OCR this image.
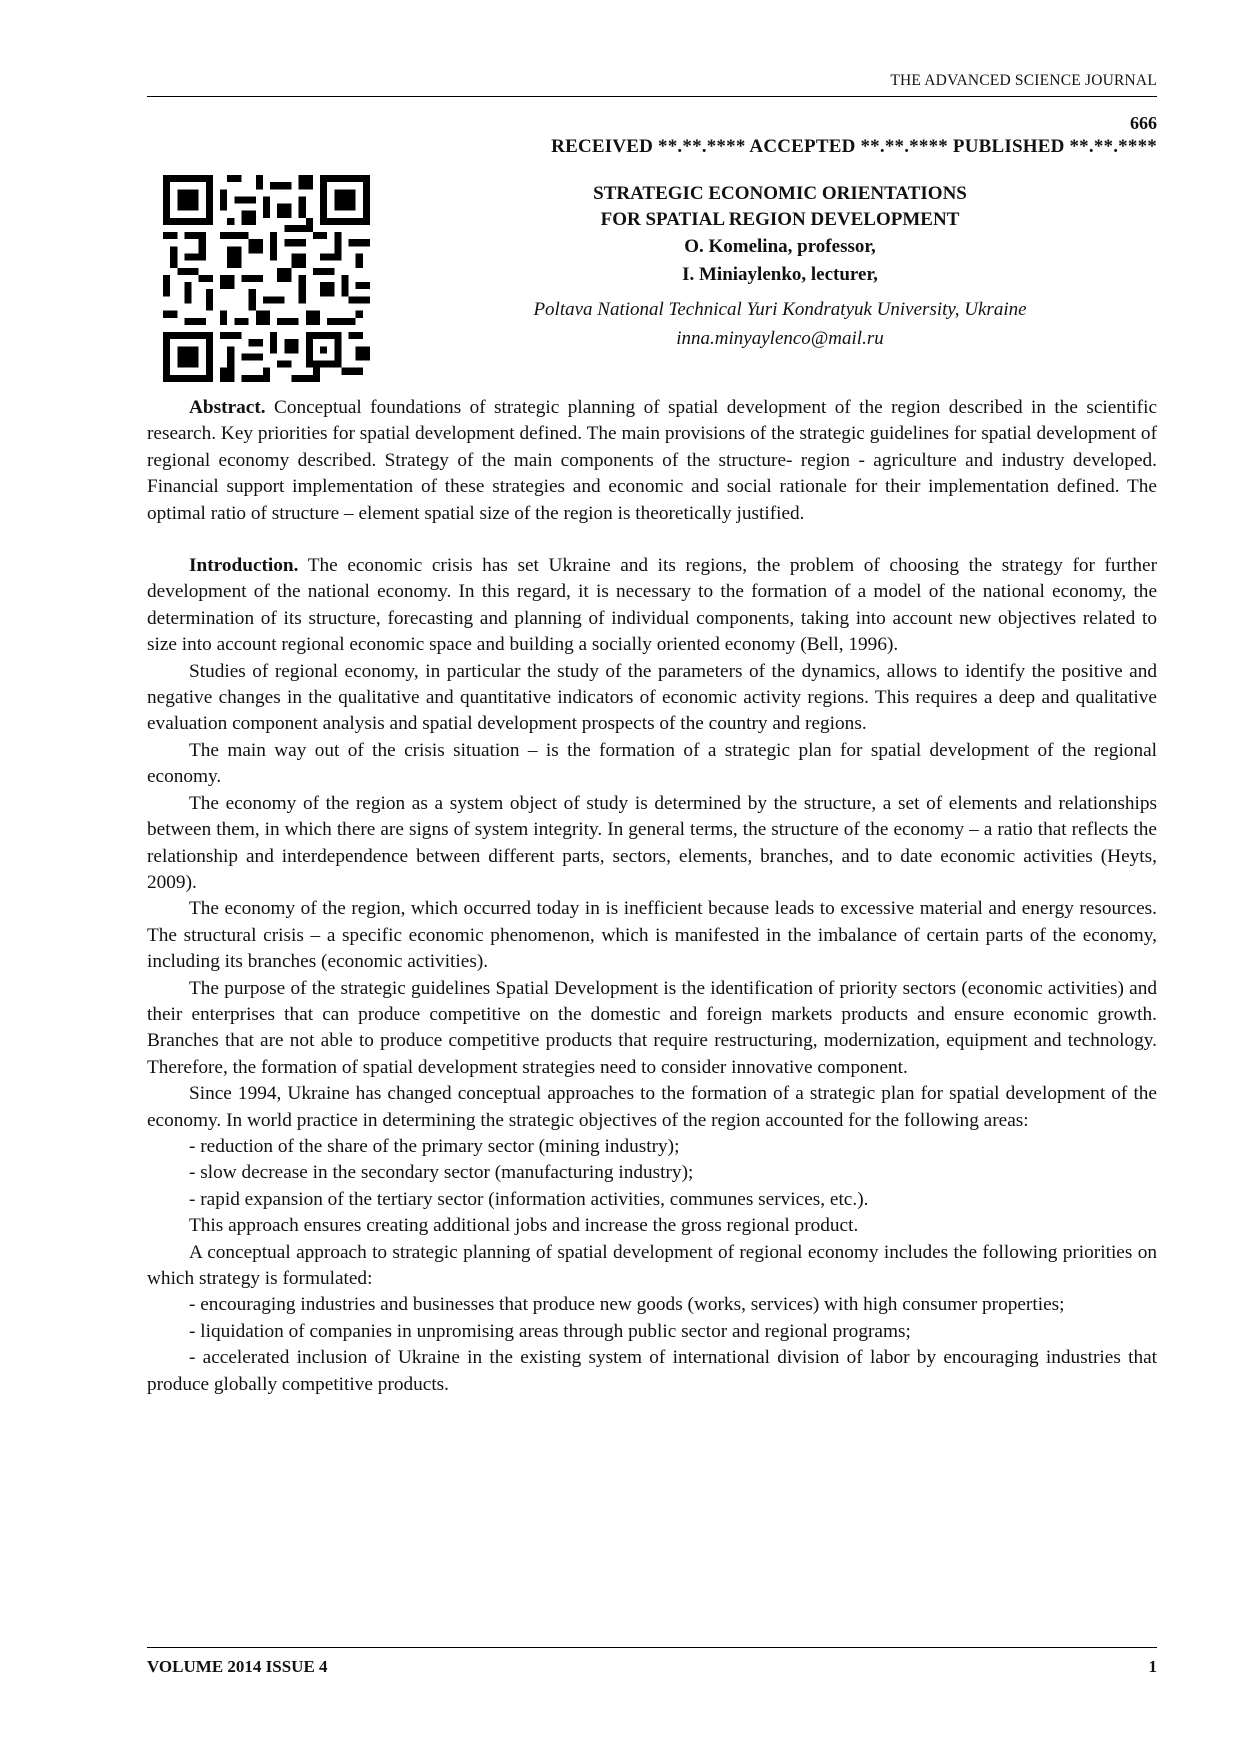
THE ADVANCED SCIENCE JOURNAL
666
RECEIVED **.**.**** ACCEPTED **.**.**** PUBLISHED **.**.****
STRATEGIC ECONOMIC ORIENTATIONS
FOR SPATIAL REGION DEVELOPMENT
O. Komelina, professor,
I. Miniaylenko, lecturer,
Poltava National Technical Yuri Kondratyuk University, Ukraine
inna.minyaylenco@mail.ru

Abstract. Conceptual foundations of strategic planning of spatial development of the region described in the scientific research. Key priorities for spatial development defined. The main provisions of the strategic guidelines for spatial development of regional economy described. Strategy of the main components of the structure- region - agriculture and industry developed. Financial support implementation of these strategies and economic and social rationale for their implementation defined. The optimal ratio of structure – element spatial size of the region is theoretically justified.

Introduction. The economic crisis has set Ukraine and its regions, the problem of choosing the strategy for further development of the national economy. In this regard, it is necessary to the formation of a model of the national economy, the determination of its structure, forecasting and planning of individual components, taking into account new objectives related to size into account regional economic space and building a socially oriented economy (Bell, 1996).

Studies of regional economy, in particular the study of the parameters of the dynamics, allows to identify the positive and negative changes in the qualitative and quantitative indicators of economic activity regions. This requires a deep and qualitative evaluation component analysis and spatial development prospects of the country and regions.

The main way out of the crisis situation – is the formation of a strategic plan for spatial development of the regional economy.

The economy of the region as a system object of study is determined by the structure, a set of elements and relationships between them, in which there are signs of system integrity. In general terms, the structure of the economy – a ratio that reflects the relationship and interdependence between different parts, sectors, elements, branches, and to date economic activities (Heyts, 2009).

The economy of the region, which occurred today in is inefficient because leads to excessive material and energy resources. The structural crisis – a specific economic phenomenon, which is manifested in the imbalance of certain parts of the economy, including its branches (economic activities).

The purpose of the strategic guidelines Spatial Development is the identification of priority sectors (economic activities) and their enterprises that can produce competitive on the domestic and foreign markets products and ensure economic growth. Branches that are not able to produce competitive products that require restructuring, modernization, equipment and technology. Therefore, the formation of spatial development strategies need to consider innovative component.

Since 1994, Ukraine has changed conceptual approaches to the formation of a strategic plan for spatial development of the economy. In world practice in determining the strategic objectives of the region accounted for the following areas:

- reduction of the share of the primary sector (mining industry);

- slow decrease in the secondary sector (manufacturing industry);

- rapid expansion of the tertiary sector (information activities, communes services, etc.).

This approach ensures creating additional jobs and increase the gross regional product.

A conceptual approach to strategic planning of spatial development of regional economy includes the following priorities on which strategy is formulated:

- encouraging industries and businesses that produce new goods (works, services) with high consumer properties;

- liquidation of companies in unpromising areas through public sector and regional programs;

- accelerated inclusion of Ukraine in the existing system of international division of labor by encouraging industries that produce globally competitive products.

VOLUME 2014 ISSUE 4	1
